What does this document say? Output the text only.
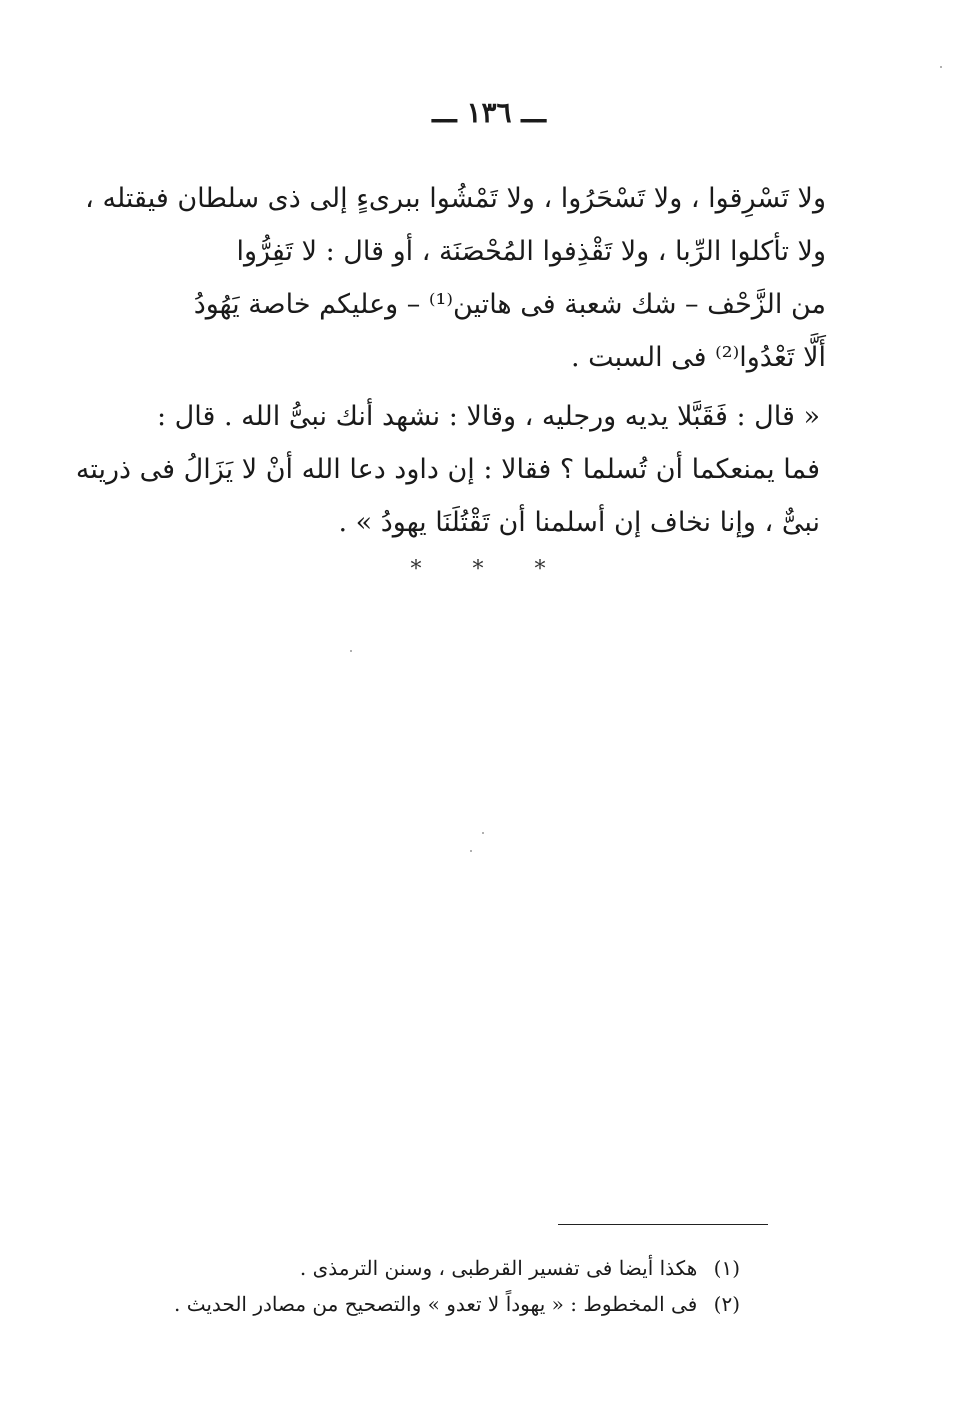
ـــ ١٣٦ ـــ
ولا تَسْرِقوا ، ولا تَسْحَرُوا ، ولا تَمْشُوا ببرىءٍ إلى ذى سلطان فيقتله ،
ولا تأكلوا الرِّبا ، ولا تَقْذِفوا المُحْصَنَة ، أو قال : لا تَفِرُّوا
من الزَّحْف – شك شعبة فى هاتين⁽¹⁾ – وعليكم خاصة يَهُودُ
أَلَّا تَعْدُوا⁽²⁾ فى السبت .
« قال : فَقَبَّلا يديه ورجليه ، وقالا : نشهد أنك نبىُّ الله . قال :
فما يمنعكما أن تُسلما ؟ فقالا : إن داود دعا الله أنْ لا يَزَالُ فى ذريته
نبىٌّ ، وإنا نخاف إن أسلمنا أن تَقْتُلَنَا يهودُ » .
* * *
(١) هكذا أيضا فى تفسير القرطبى ، وسنن الترمذى .
(٢) فى المخطوط : « يهوداً لا تعدو » والتصحيح من مصادر الحديث .
